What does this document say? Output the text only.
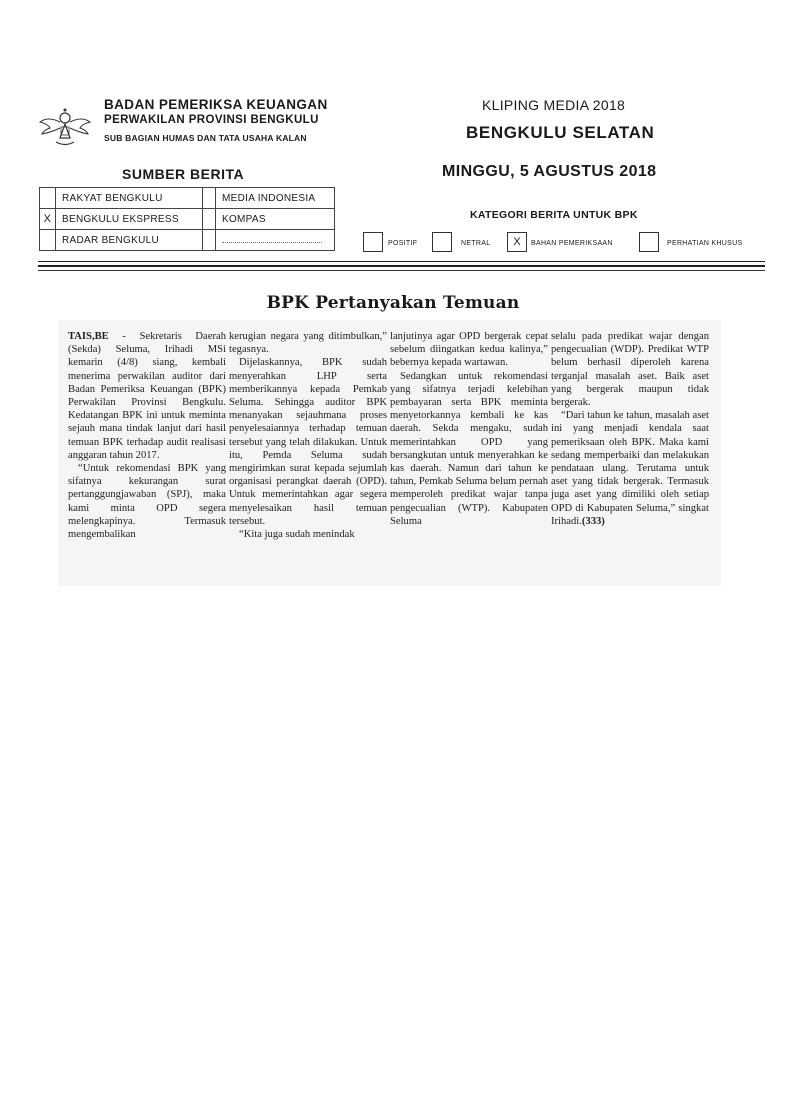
BADAN PEMERIKSA KEUANGAN
PERWAKILAN PROVINSI BENGKULU
SUB BAGIAN HUMAS DAN TATA USAHA KALAN
KLIPING MEDIA 2018
BENGKULU SELATAN
SUMBER BERITA	MINGGU, 5 AGUSTUS 2018
	RAKYAT BENGKULU		MEDIA INDONESIA
X	BENGKULU EKSPRESS		KOMPAS
	RADAR BENGKULU		
KATEGORI BERITA UNTUK BPK
POSITIF	NETRAL	X	BAHAN PEMERIKSAAN	PERHATIAN KHUSUS
BPK Pertanyakan Temuan

TAIS,BE - Sekretaris Daerah (Sekda) Seluma, Irihadi MSi kemarin (4/8) siang, kembali menerima perwakilan auditor dari Badan Pemeriksa Keuangan (BPK) Perwakilan Provinsi Bengkulu. Kedatangan BPK ini untuk meminta sejauh mana tindak lanjut dari hasil temuan BPK terhadap audit realisasi anggaran tahun 2017.

“Untuk rekomendasi BPK yang sifatnya kekurangan surat pertanggungjawaban (SPJ), maka kami minta OPD segera melengkapinya. Termasuk mengembalikan

kerugian negara yang ditimbulkan,” tegasnya.

Dijelaskannya, BPK sudah menyerahkan LHP serta memberikannya kepada Pemkab Seluma. Sehingga auditor BPK menanyakan sejauhmana proses penyelesaiannya terhadap temuan tersebut yang telah dilakukan. Untuk itu, Pemda Seluma sudah mengirimkan surat kepada sejumlah organisasi perangkat daerah (OPD). Untuk memerintahkan agar segera menyelesaikan hasil temuan tersebut.

“Kita juga sudah menindak

lanjutinya agar OPD bergerak cepat sebelum diingatkan kedua kalinya,” bebernya kepada wartawan.

Sedangkan untuk rekomendasi yang sifatnya terjadi kelebihan pembayaran serta BPK meminta menyetorkannya kembali ke kas daerah. Sekda mengaku, sudah memerintahkan OPD yang bersangkutan untuk menyerahkan ke kas daerah. Namun dari tahun ke tahun, Pemkab Seluma belum pernah memperoleh predikat wajar tanpa pengecualian (WTP). Kabupaten Seluma

selalu pada predikat wajar dengan pengecualian (WDP). Predikat WTP belum berhasil diperoleh karena terganjal masalah aset. Baik aset yang bergerak maupun tidak bergerak.

“Dari tahun ke tahun, masalah aset ini yang menjadi kendala saat pemeriksaan oleh BPK. Maka kami sedang memperbaiki dan melakukan pendataan ulang. Terutama untuk aset yang tidak bergerak. Termasuk juga aset yang dimiliki oleh setiap OPD di Kabupaten Seluma,” singkat Irihadi.(333)
